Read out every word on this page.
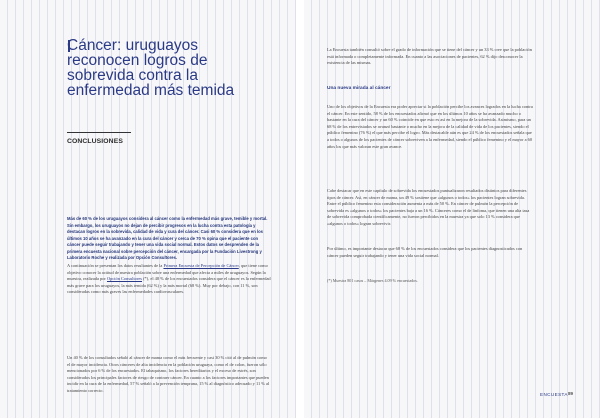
Cáncer: uruguayos reconocen logros de sobrevida contra la enfermedad más temida
CONCLUSIONES

Más de 60 % de los uruguayos considera al cáncer como la enfermedad más grave, temible y mortal. Sin embargo, los uruguayos no dejan de percibir progresos en la lucha contra esta patología y destacan logros en la sobrevida, calidad de vida y cura del cáncer. Casi 60 % considera que en los últimos 10 años se ha avanzado en la cura del cáncer y cerca de 70 % opina que el paciente con cáncer puede seguir trabajando y tener una vida social normal. Estos datos se desprenden de la primera encuesta nacional sobre percepción del cáncer, encargada por la Fundación Livestrong y Laboratorio Roche y realizada por Opción Consultores.

A continuación se presentan los datos resultantes de la Primera Encuesta de Percepción de Cáncer, que tiene como objetivo conocer la actitud de nuestra población sobre una enfermedad que afecta a miles de uruguayos. Según la muestra, realizada por Opción Consultores (*), el 48 % de los encuestados considera que el cáncer es la enfermedad más grave para los uruguayos, la más temida (62 %) y la más mortal (68 %). Muy por debajo, con 11 %, son consideradas como más graves las enfermedades cardiovasculares.

Un 40 % de los consultados señaló al cáncer de mama como el más frecuente y casi 30 % citó al de pulmón como el de mayor incidencia. Otros cánceres de alta incidencia en la población uruguaya, como el de colon, fueron sólo mencionados por 6 % de los encuestados. El tabaquismo, los factores hereditarios y el exceso de estrés, son considerados los principales factores de riesgo de contraer cáncer. En cuanto a los factores importantes que pueden incidir en la cura de la enfermedad, 57 % señaló a la prevención temprana, 15 % al diagnóstico adecuado y 11 % al tratamiento correcto.

La Encuesta también consultó sobre el grado de información que se tiene del cáncer y un 33 % cree que la población está informada o completamente informada. En cuanto a las asociaciones de pacientes, 62 % dijo desconocer la existencia de las mismas.

Una nueva mirada al cáncer

Uno de los objetivos de la Encuesta era poder apreciar si la población percibe los avances logrados en la lucha contra el cáncer. En este sentido, 58 % de los encuestados afirmó que en los últimos 10 años se ha avanzado mucho o bastante en la cura del cáncer y un 60 % coincide en que esto es así en la mejora de la sobrevida. Asimismo, para un 68 % de los entrevistados se avanzó bastante o mucho en la mejora de la calidad de vida de los pacientes, siendo el público femenino (76 %) el que más percibe el logro. Más destacable aún es que 24 % de los encuestados señala que a todos o algunos de los pacientes de cáncer sobreviven a la enfermedad, siendo el público femenino y el mayor a 60 años los que más valoran este gran avance.

Cabe destacar que en este capítulo de sobrevida los encuestados puntualizaron resultados distintos para diferentes tipos de cáncer. Así, en cáncer de mama, un 49 % sostiene que «algunos o todos» los pacientes logran sobrevida. Entre el público femenino esta consideración aumenta a más de 50 %. En cáncer de pulmón la percepción de sobrevida es «algunos o todos» los pacientes baja a un 16 %. Cánceres como el de linfoma, que tienen una alta tasa de sobrevida comprobada científicamente, no fueron percibidos en la muestra ya que solo 13 % considera que «algunos o todos» logran sobrevivir.

Por último, es importante destacar que 68 % de los encuestados considera que los pacientes diagnosticados con cáncer pueden seguir trabajando y tener una vida social normal.

(*) Muestra 801 casos – Márgenes 4.09 % encuestados.
ENCUESTA 89
